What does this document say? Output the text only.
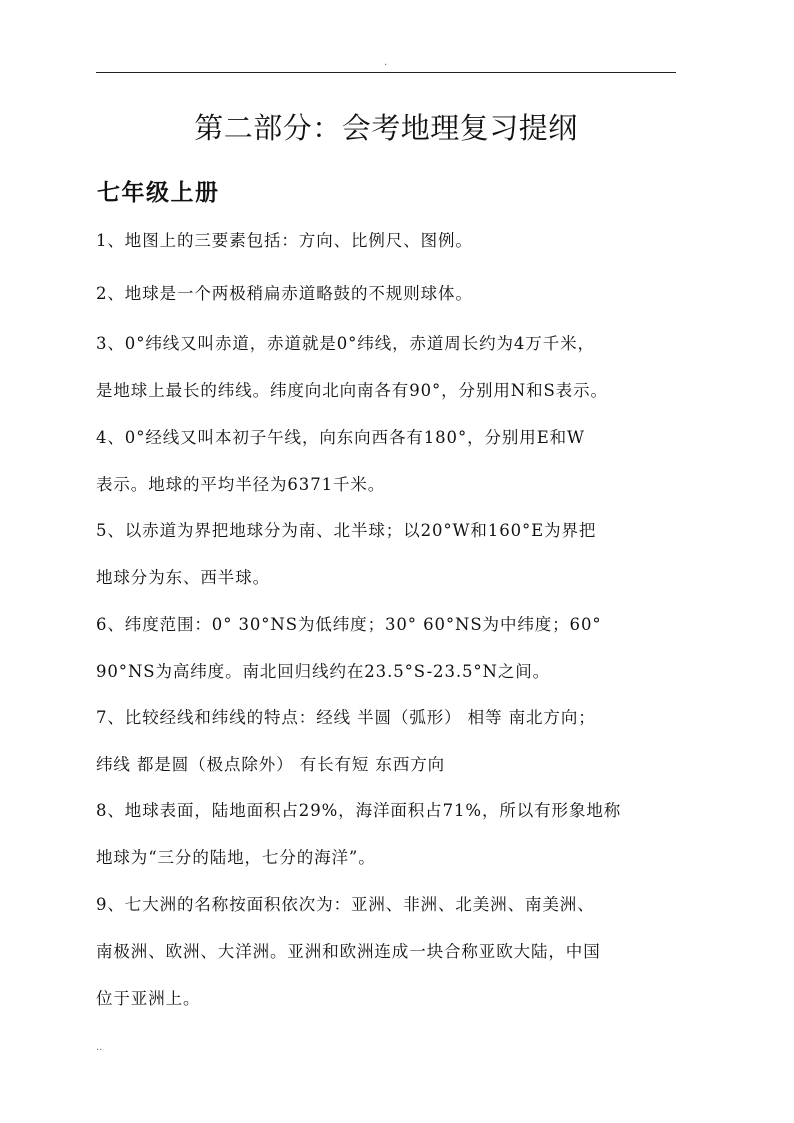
.
第二部分：会考地理复习提纲
七年级上册

1、地图上的三要素包括：方向、比例尺、图例。

2、地球是一个两极稍扁赤道略鼓的不规则球体。

3、0°纬线又叫赤道，赤道就是0°纬线，赤道周长约为4万千米，
是地球上最长的纬线。纬度向北向南各有90°，分别用N和S表示。

4、0°经线又叫本初子午线，向东向西各有180°，分别用E和W
表示。地球的平均半径为6371千米。

5、以赤道为界把地球分为南、北半球；以20°W和160°E为界把
地球分为东、西半球。

6、纬度范围：0° 30°NS为低纬度；30° 60°NS为中纬度；60°
90°NS为高纬度。南北回归线约在23.5°S-23.5°N之间。

7、比较经线和纬线的特点：经线 半圆（弧形） 相等 南北方向；
纬线 都是圆（极点除外） 有长有短 东西方向

8、地球表面，陆地面积占29%，海洋面积占71%，所以有形象地称
地球为“三分的陆地，七分的海洋”。

9、七大洲的名称按面积依次为：亚洲、非洲、北美洲、南美洲、
南极洲、欧洲、大洋洲。亚洲和欧洲连成一块合称亚欧大陆，中国
位于亚洲上。

..
